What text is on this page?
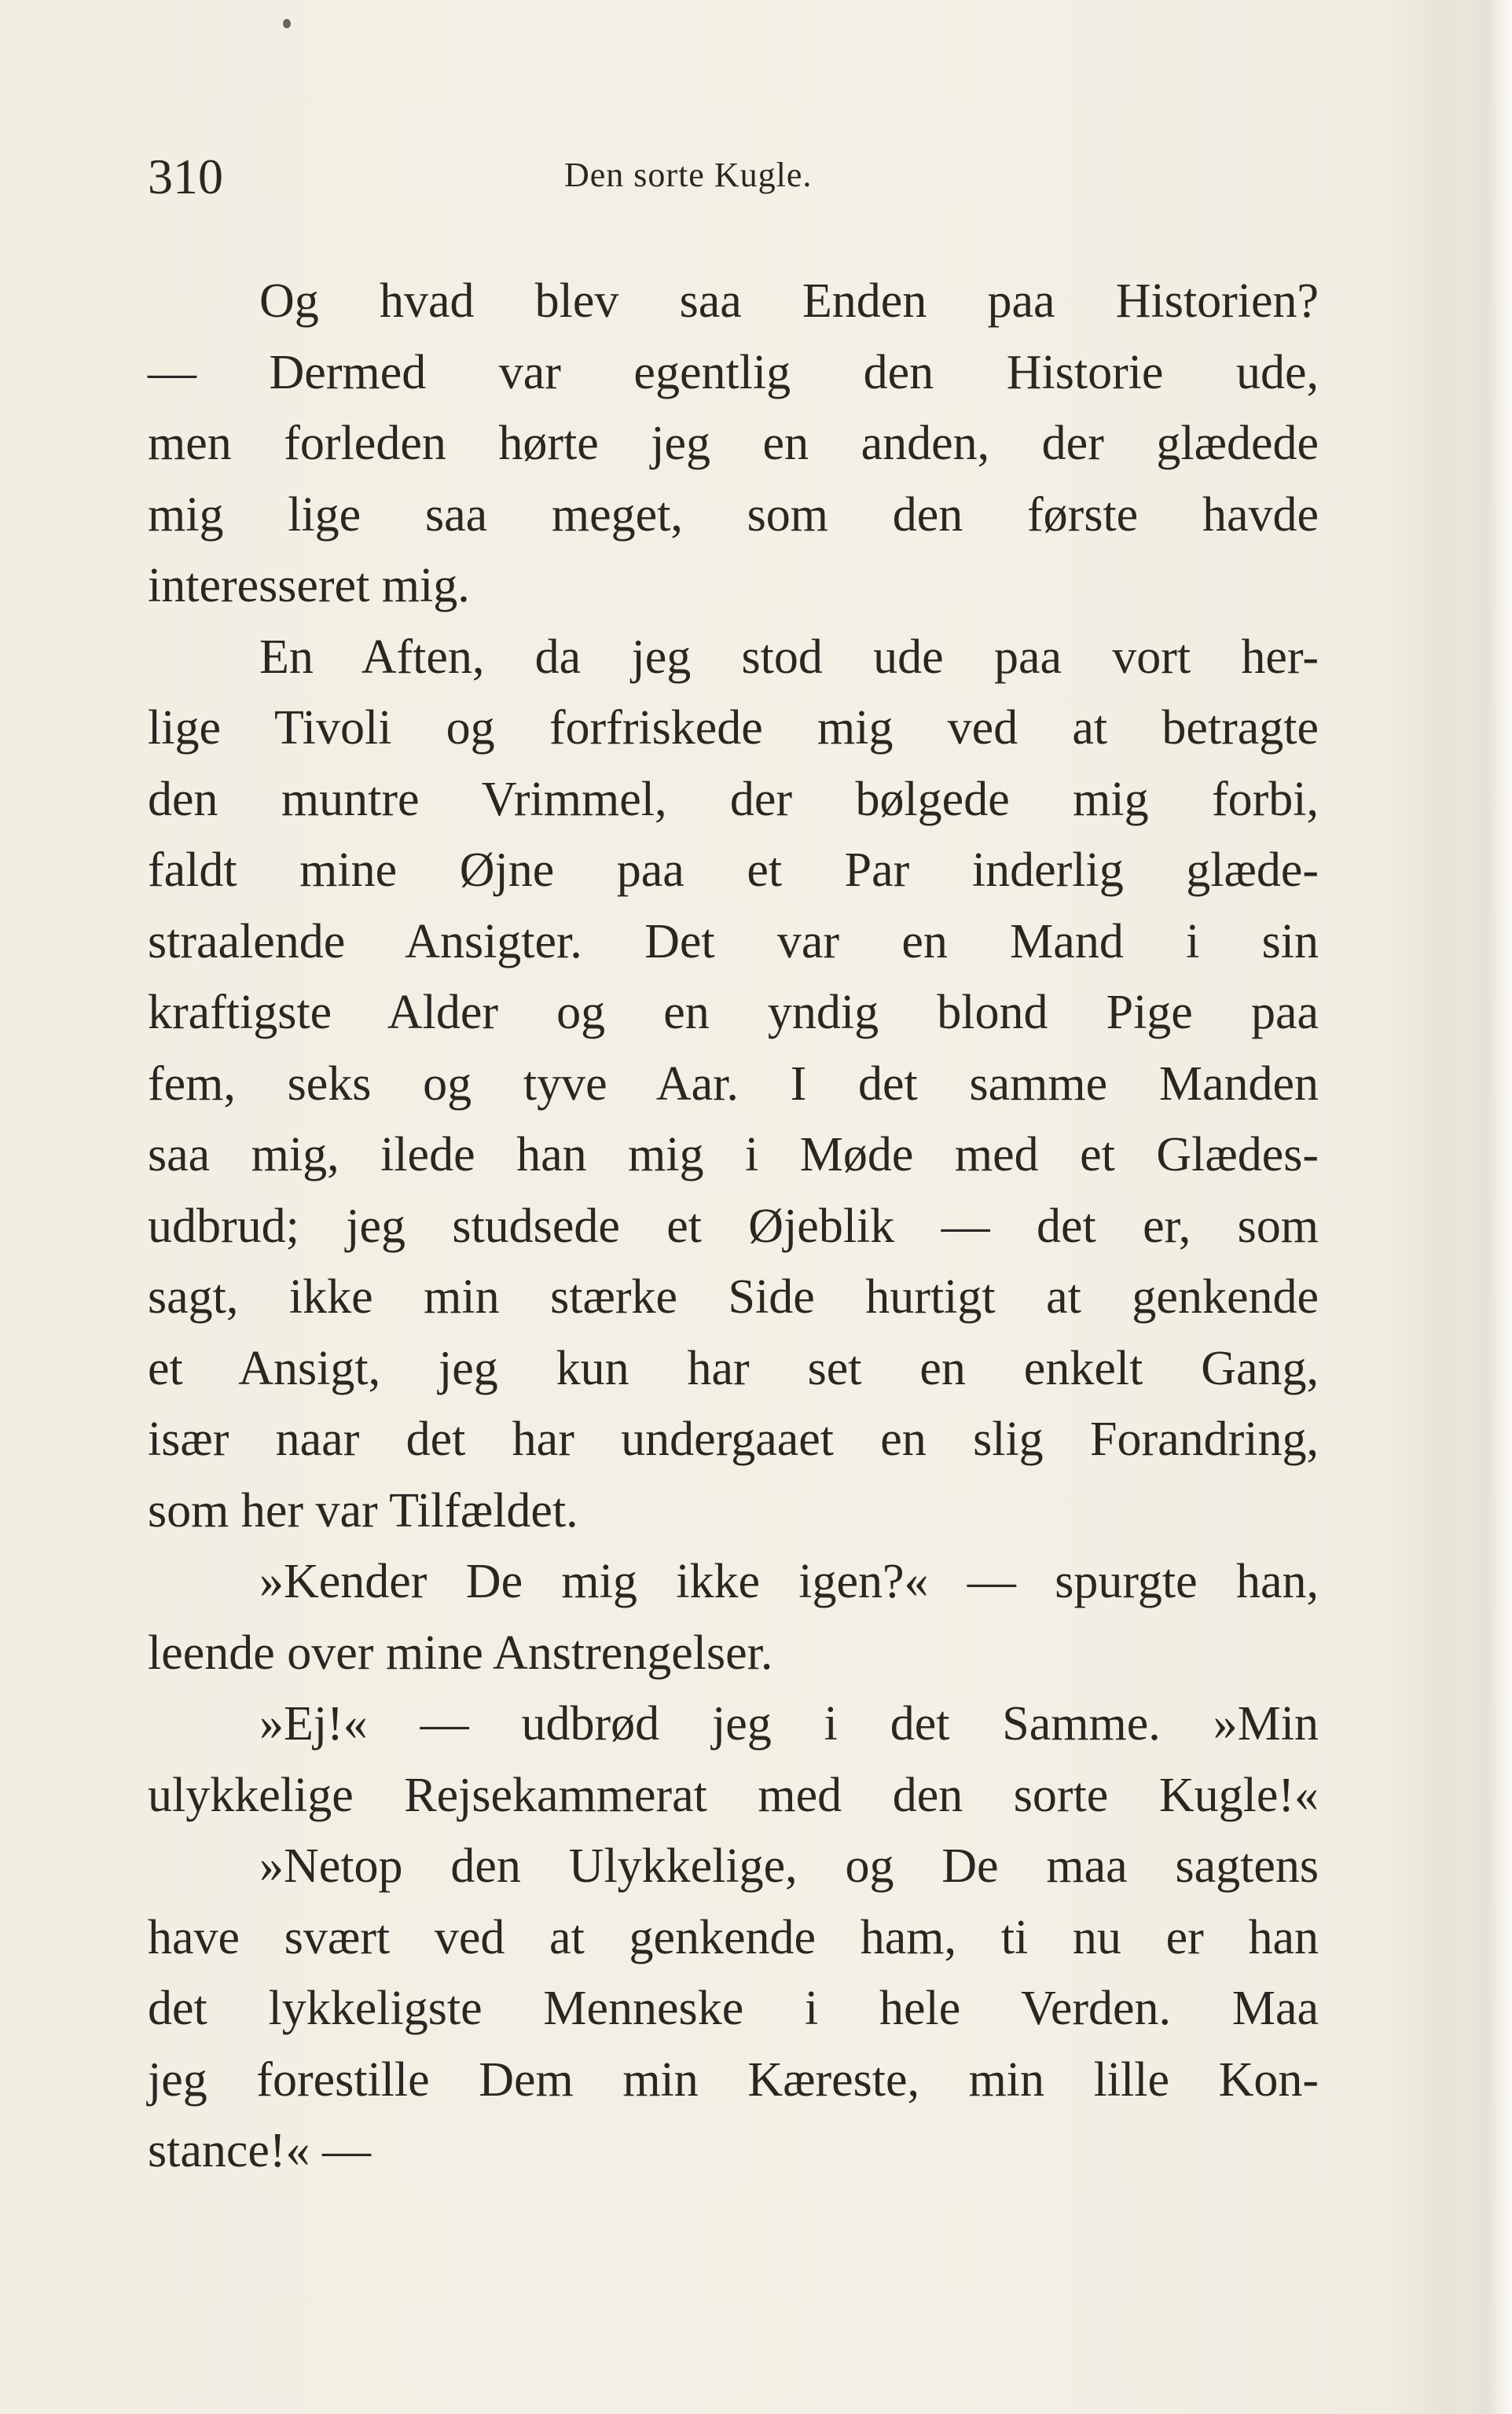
310	Den sorte Kugle.
Og hvad blev saa Enden paa Historien?
— Dermed var egentlig den Historie ude,
men forleden hørte jeg en anden, der glædede
mig lige saa meget, som den første havde
interesseret mig.
En Aften, da jeg stod ude paa vort her-
lige Tivoli og forfriskede mig ved at betragte
den muntre Vrimmel, der bølgede mig forbi,
faldt mine Øjne paa et Par inderlig glæde-
straalende Ansigter. Det var en Mand i sin
kraftigste Alder og en yndig blond Pige paa
fem, seks og tyve Aar. I det samme Manden
saa mig, ilede han mig i Møde med et Glædes-
udbrud; jeg studsede et Øjeblik — det er, som
sagt, ikke min stærke Side hurtigt at genkende
et Ansigt, jeg kun har set en enkelt Gang,
især naar det har undergaaet en slig Forandring,
som her var Tilfældet.
»Kender De mig ikke igen?« — spurgte han,
leende over mine Anstrengelser.
»Ej!« — udbrød jeg i det Samme. »Min
ulykkelige Rejsekammerat med den sorte Kugle!«
»Netop den Ulykkelige, og De maa sagtens
have svært ved at genkende ham, ti nu er han
det lykkeligste Menneske i hele Verden. Maa
jeg forestille Dem min Kæreste, min lille Kon-
stance!« —
